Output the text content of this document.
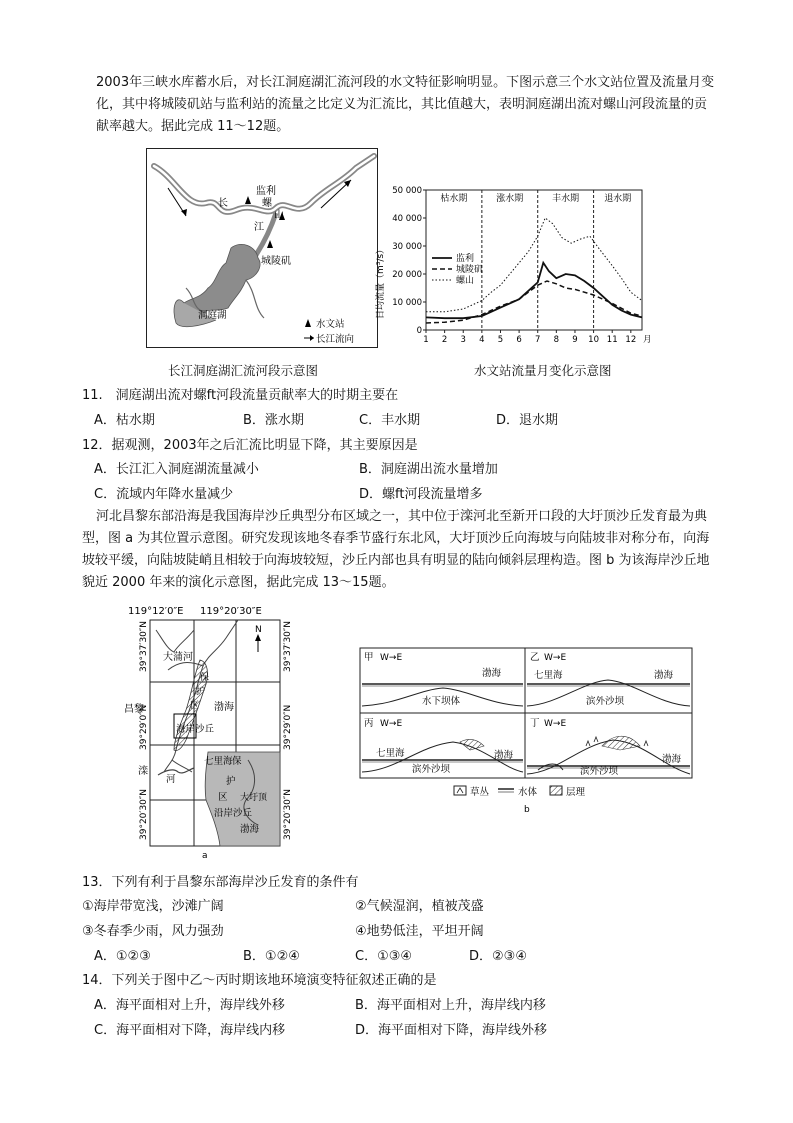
2003年三峡水库蓄水后，对长江洞庭湖汇流河段的水文特征影响明显。下图示意三个水文站位置及流量月变化，其中将城陵矶站与监利站的流量之比定义为汇流比，其比值越大，表明洞庭湖出流对螺山河段流量的贡献率越大。据此完成 11～12题。
长
监利
螺
山
江
城陵矶
洞庭湖
水文站
长江流向
长江洞庭湖汇流河段示意图
0
10 000
20 000
30 000
40 000
50 000
1 2 3 4 5 6 7 8 9 10 11 12 月
枯水期	涨水期	丰水期	退水期
监利
城陵矶
螺山
日均流量（m³/s）
水文站流量月变化示意图
11.　洞庭湖出流对螺ft河段流量贡献率大的时期主要在
A．枯水期	B．涨水期	C．丰水期	D．退水期
12．据观测，2003年之后汇流比明显下降，其主要原因是
A．长江汇入洞庭湖流量减小	B．洞庭湖出流水量增加
C．流域内年降水量减少	D．螺ft河段流量增多
河北昌黎东部沿海是我国海岸沙丘典型分布区域之一，其中位于滦河北至新开口段的大圩顶沙丘发育最为典型，图 a 为其位置示意图。研究发现该地冬春季节盛行东北风，大圩顶沙丘向海坡与向陆坡非对称分布，向海坡较平缓，向陆坡陡峭且相较于向海坡较短，沙丘内部也具有明显的陆向倾斜层理构造。图 b 为该海岸沙丘地貌近 2000 年来的演化示意图，据此完成 13～15题。
119°12′0″E 119°20′30″E
N
大蒲河
保
护
区 渤海
昌黎
海岸沙丘
滦
河
七里海 保
护
区 大圩顶
沿岸沙丘
渤海
39°37′30″N
39°29′0″N
39°20′30″N
39°37′30″N
39°29′0″N
39°20′30″N
a
甲 W→E
渤海
水下坝体
乙 W→E
七里海	渤海
滨外沙坝
丙 W→E
七里海	渤海
滨外沙坝
丁 W→E
渤海
滨外沙坝
草丛	水体	层理
b
13．下列有利于昌黎东部海岸沙丘发育的条件有
①海岸带宽浅，沙滩广阔	②气候湿润，植被茂盛
③冬春季少雨，风力强劲	④地势低洼，平坦开阔
A．①②③	B．①②④	C．①③④	D．②③④
14．下列关于图中乙～丙时期该地环境演变特征叙述正确的是
A．海平面相对上升，海岸线外移	B．海平面相对上升，海岸线内移
C．海平面相对下降，海岸线内移	D．海平面相对下降，海岸线外移
